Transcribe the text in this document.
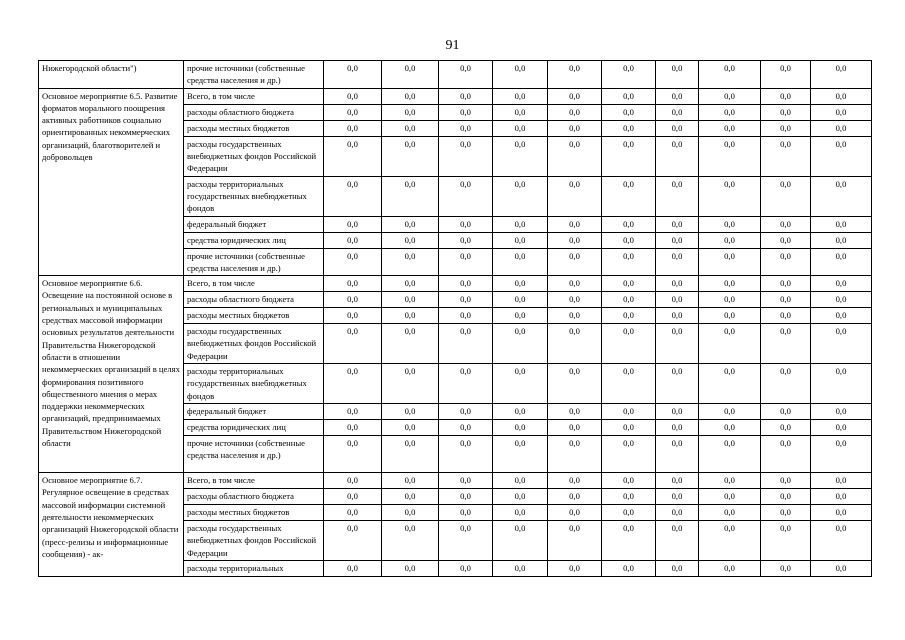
91
Нижегородской области")	прочие источники (собственные средства населения и др.)	0,0	0,0	0,0	0,0	0,0	0,0	0,0	0,0	0,0	0,0
Основное мероприятие 6.5. Развитие форматов морального поощрения активных работников социально ориентированных некоммерческих организаций, благотворителей и добровольцев	Всего, в том числе	0,0	0,0	0,0	0,0	0,0	0,0	0,0	0,0	0,0	0,0
	расходы областного бюджета	0,0	0,0	0,0	0,0	0,0	0,0	0,0	0,0	0,0	0,0
	расходы местных бюджетов	0,0	0,0	0,0	0,0	0,0	0,0	0,0	0,0	0,0	0,0
	расходы государственных внебюджетных фондов Российской Федерации	0,0	0,0	0,0	0,0	0,0	0,0	0,0	0,0	0,0	0,0
	расходы территориальных государственных внебюджетных фондов	0,0	0,0	0,0	0,0	0,0	0,0	0,0	0,0	0,0	0,0
	федеральный бюджет	0,0	0,0	0,0	0,0	0,0	0,0	0,0	0,0	0,0	0,0
	средства юридических лиц	0,0	0,0	0,0	0,0	0,0	0,0	0,0	0,0	0,0	0,0
	прочие источники (собственные средства населения и др.)	0,0	0,0	0,0	0,0	0,0	0,0	0,0	0,0	0,0	0,0
Основное мероприятие 6.6. Освещение на постоянной основе в региональных и муниципальных средствах массовой информации основных результатов деятельности Правительства Нижегородской области в отношении некоммерческих организаций в целях формирования позитивного общественного мнения о мерах поддержки некоммерческих организаций, предпринимаемых Правительством Нижегородской области	Всего, в том числе	0,0	0,0	0,0	0,0	0,0	0,0	0,0	0,0	0,0	0,0
	расходы областного бюджета	0,0	0,0	0,0	0,0	0,0	0,0	0,0	0,0	0,0	0,0
	расходы местных бюджетов	0,0	0,0	0,0	0,0	0,0	0,0	0,0	0,0	0,0	0,0
	расходы государственных внебюджетных фондов Российской Федерации	0,0	0,0	0,0	0,0	0,0	0,0	0,0	0,0	0,0	0,0
	расходы территориальных государственных внебюджетных фондов	0,0	0,0	0,0	0,0	0,0	0,0	0,0	0,0	0,0	0,0
	федеральный бюджет	0,0	0,0	0,0	0,0	0,0	0,0	0,0	0,0	0,0	0,0
	средства юридических лиц	0,0	0,0	0,0	0,0	0,0	0,0	0,0	0,0	0,0	0,0
	прочие источники (собственные средства населения и др.)	0,0	0,0	0,0	0,0	0,0	0,0	0,0	0,0	0,0	0,0
Основное мероприятие 6.7. Регулярное освещение в средствах массовой информации системной деятельности некоммерческих организаций Нижегородской области (пресс-релизы и информационные сообщения) - ак-	Всего, в том числе	0,0	0,0	0,0	0,0	0,0	0,0	0,0	0,0	0,0	0,0
	расходы областного бюджета	0,0	0,0	0,0	0,0	0,0	0,0	0,0	0,0	0,0	0,0
	расходы местных бюджетов	0,0	0,0	0,0	0,0	0,0	0,0	0,0	0,0	0,0	0,0
	расходы государственных внебюджетных фондов Российской Федерации	0,0	0,0	0,0	0,0	0,0	0,0	0,0	0,0	0,0	0,0
	расходы территориальных	0,0	0,0	0,0	0,0	0,0	0,0	0,0	0,0	0,0	0,0
